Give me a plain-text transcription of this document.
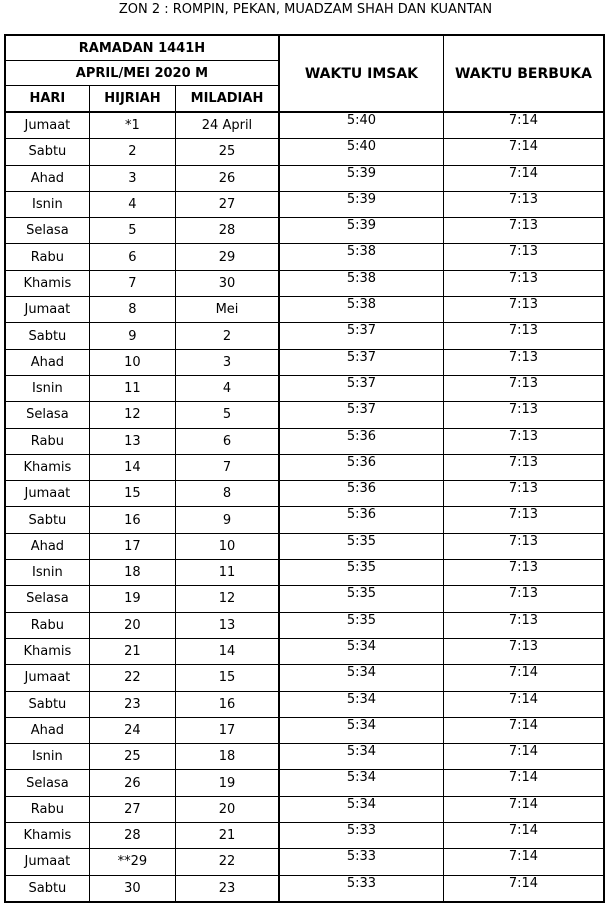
ZON 2 : ROMPIN, PEKAN, MUADZAM SHAH DAN KUANTAN
RAMADAN 1441H			WAKTU IMSAK	WAKTU BERBUKA
APRIL/MEI 2020 M				
HARI	HIJRIAH	MILADIAH		
Jumaat	*1	24 April	5:40	7:14
Sabtu	2	25	5:40	7:14
Ahad	3	26	5:39	7:14
Isnin	4	27	5:39	7:13
Selasa	5	28	5:39	7:13
Rabu	6	29	5:38	7:13
Khamis	7	30	5:38	7:13
Jumaat	8	Mei	5:38	7:13
Sabtu	9	2	5:37	7:13
Ahad	10	3	5:37	7:13
Isnin	11	4	5:37	7:13
Selasa	12	5	5:37	7:13
Rabu	13	6	5:36	7:13
Khamis	14	7	5:36	7:13
Jumaat	15	8	5:36	7:13
Sabtu	16	9	5:36	7:13
Ahad	17	10	5:35	7:13
Isnin	18	11	5:35	7:13
Selasa	19	12	5:35	7:13
Rabu	20	13	5:35	7:13
Khamis	21	14	5:34	7:13
Jumaat	22	15	5:34	7:14
Sabtu	23	16	5:34	7:14
Ahad	24	17	5:34	7:14
Isnin	25	18	5:34	7:14
Selasa	26	19	5:34	7:14
Rabu	27	20	5:34	7:14
Khamis	28	21	5:33	7:14
Jumaat	**29	22	5:33	7:14
Sabtu	30	23	5:33	7:14
